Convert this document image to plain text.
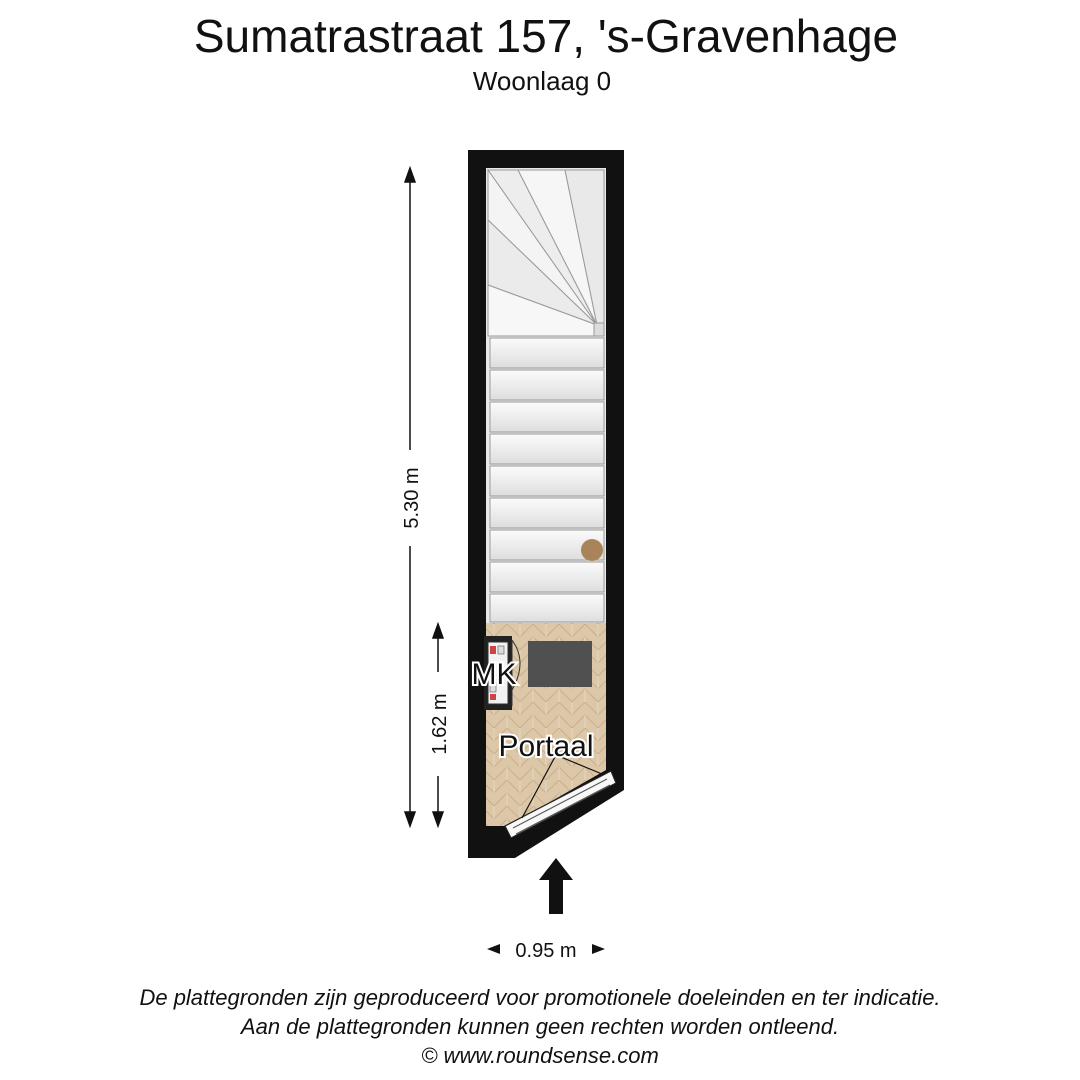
Sumatrastraat 157, 's-Gravenhage
Woonlaag 0
MK
Portaal
5.30 m
1.62 m
0.95 m
De plattegronden zijn geproduceerd voor promotionele doeleinden en ter indicatie.
Aan de plattegronden kunnen geen rechten worden ontleend.
© www.roundsense.com
